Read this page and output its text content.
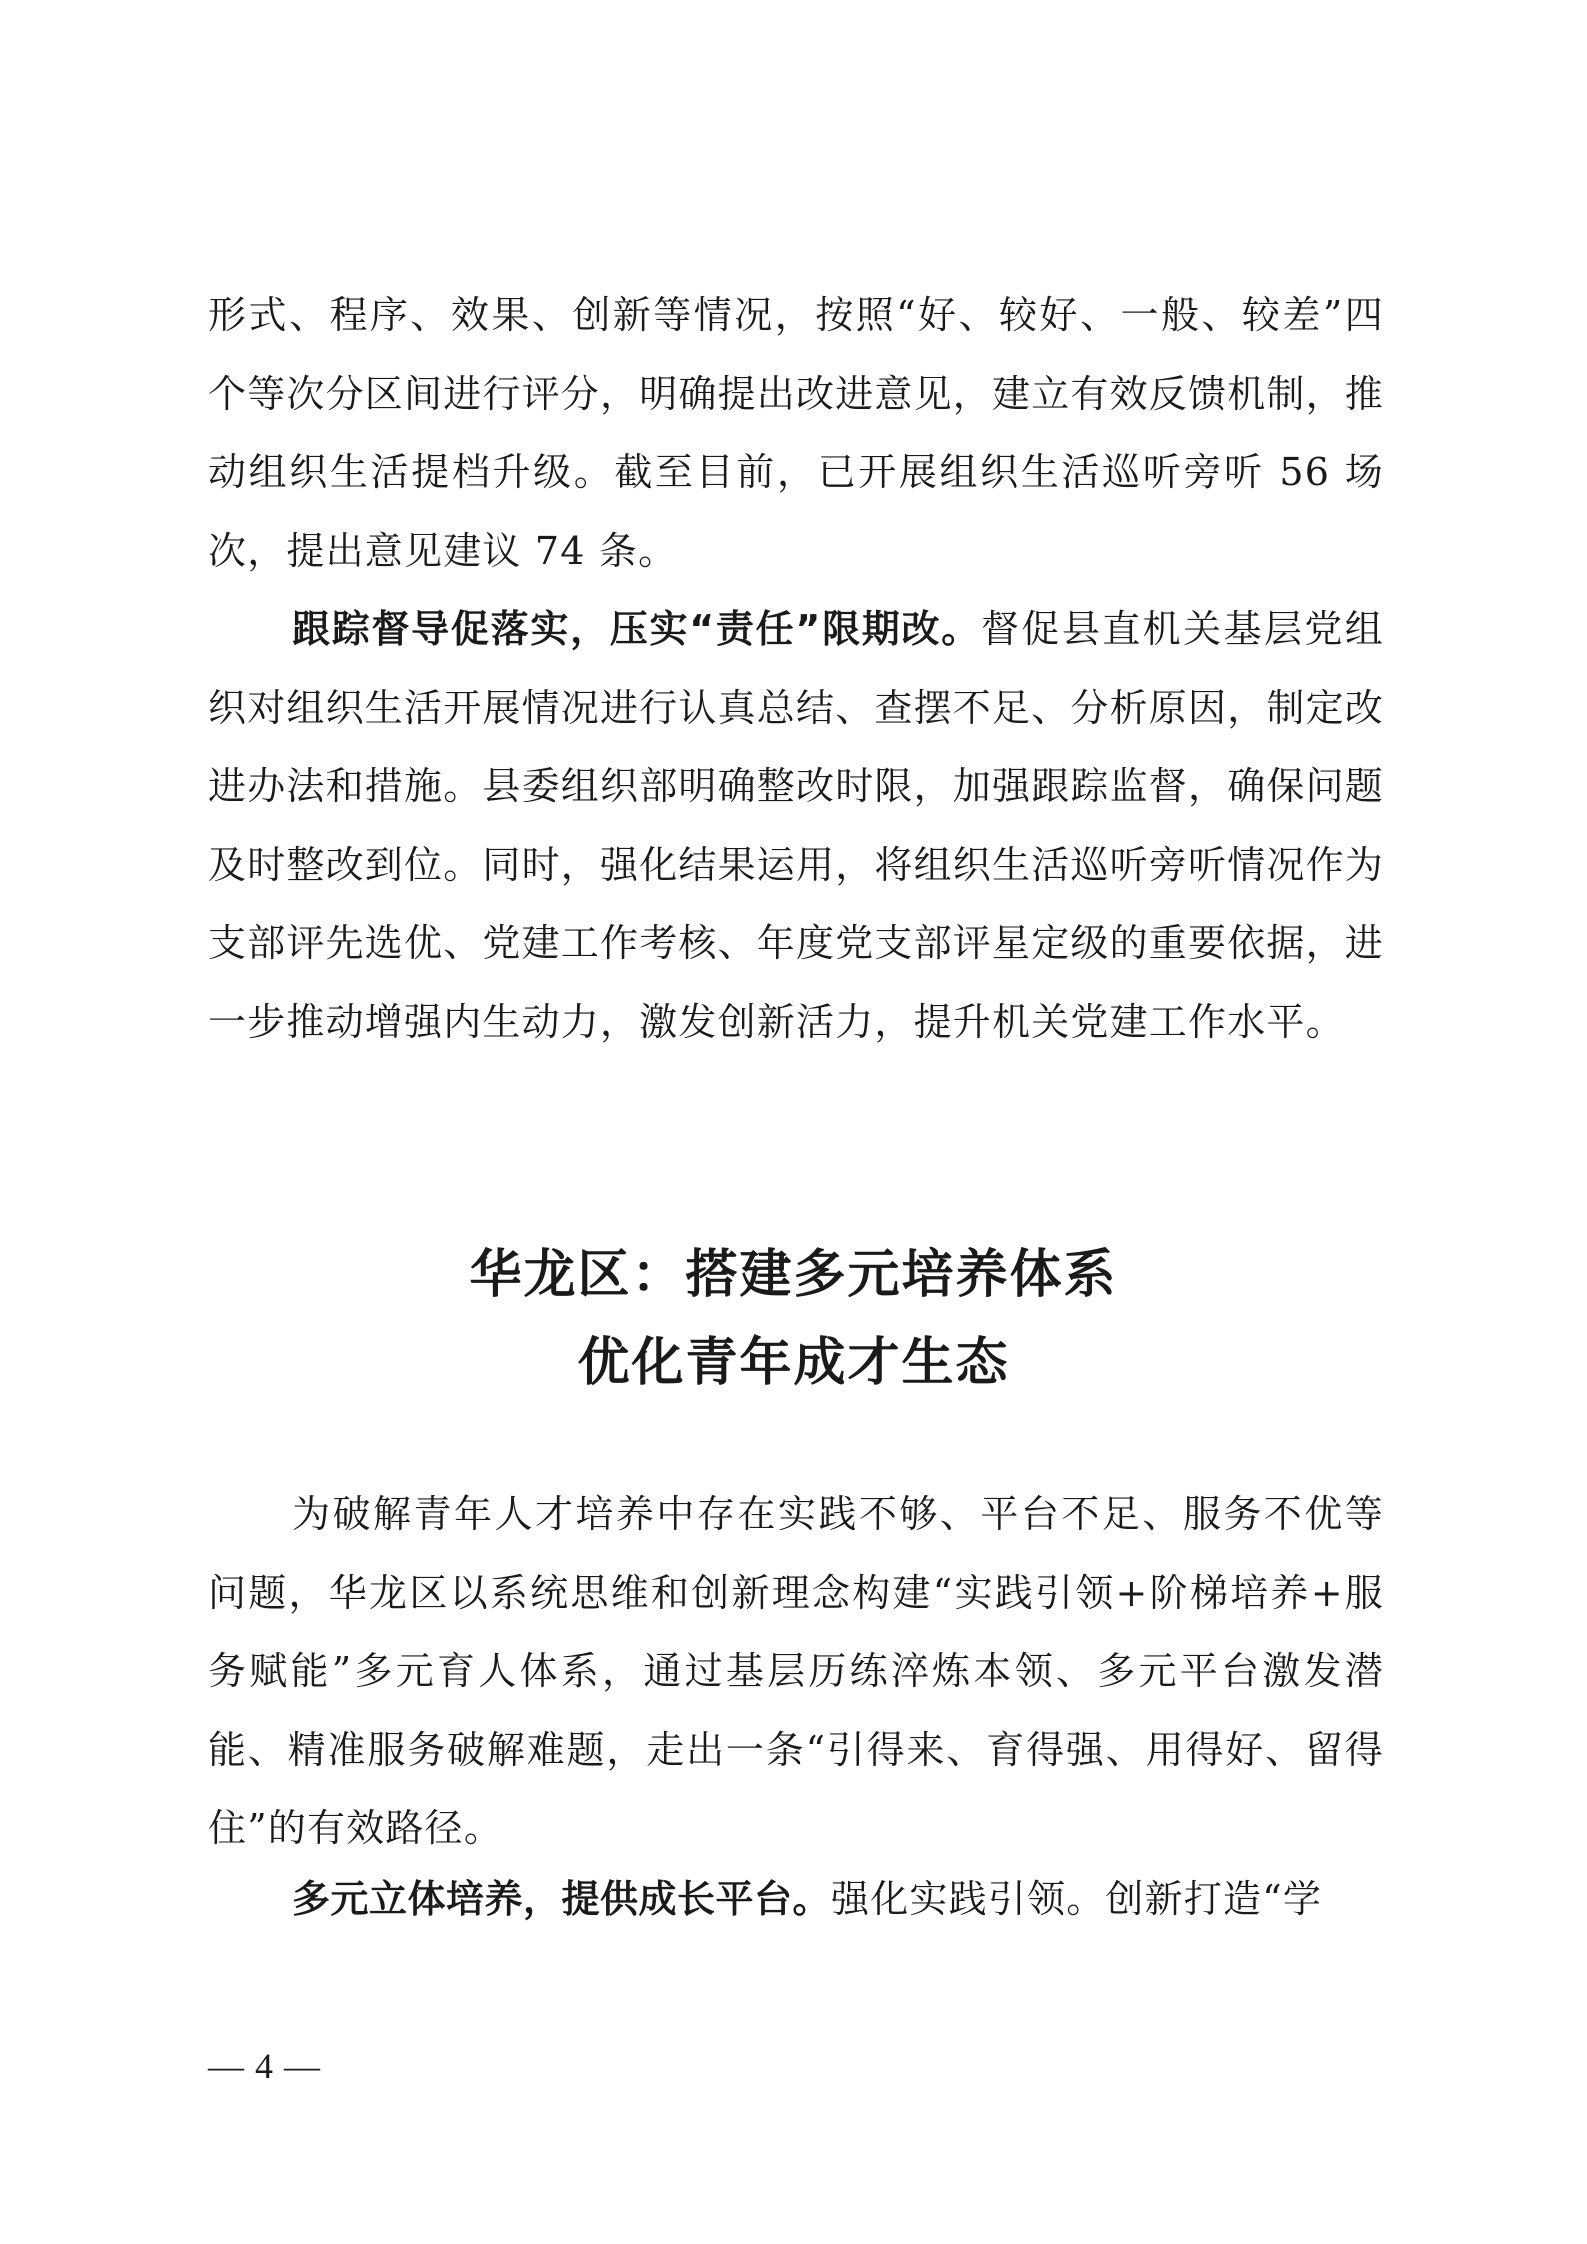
形式、程序、效果、创新等情况，按照“好、较好、一般、较差”四个等次分区间进行评分，明确提出改进意见，建立有效反馈机制，推动组织生活提档升级。截至目前，已开展组织生活巡听旁听 56 场次，提出意见建议 74 条。

跟踪督导促落实，压实“责任”限期改。督促县直机关基层党组织对组织生活开展情况进行认真总结、查摆不足、分析原因，制定改进办法和措施。县委组织部明确整改时限，加强跟踪监督，确保问题及时整改到位。同时，强化结果运用，将组织生活巡听旁听情况作为支部评先选优、党建工作考核、年度党支部评星定级的重要依据，进一步推动增强内生动力，激发创新活力，提升机关党建工作水平。

华龙区：搭建多元培养体系
优化青年成才生态

为破解青年人才培养中存在实践不够、平台不足、服务不优等问题，华龙区以系统思维和创新理念构建“实践引领+阶梯培养+服务赋能”多元育人体系，通过基层历练淬炼本领、多元平台激发潜能、精准服务破解难题，走出一条“引得来、育得强、用得好、留得住”的有效路径。

多元立体培养，提供成长平台。强化实践引领。创新打造“学

— 4 —
